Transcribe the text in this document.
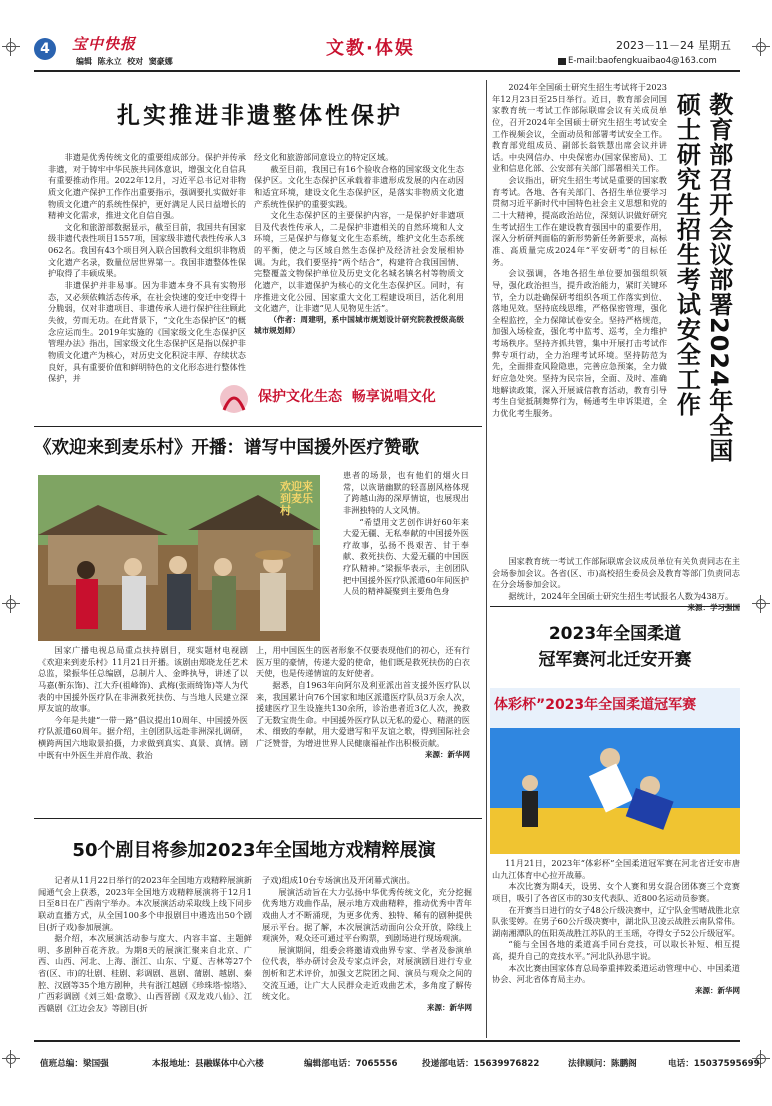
4	宝中快报
编辑  陈永立  校对  窦豪娜
文教·体娱	2023－11－24 星期五
E-mail:baofengkuaibao4@163.com
扎实推进非遗整体性保护

非遗是优秀传统文化的重要组成部分。保护并传承非遗，对于铸牢中华民族共同体意识，增强文化自信具有重要推动作用。2022年12月，习近平总书记对非物质文化遗产保护工作作出重要指示，强调要扎实做好非物质文化遗产的系统性保护，更好满足人民日益增长的精神文化需求，推进文化自信自强。

文化和旅游部数据显示，截至目前，我国共有国家级非遗代表性项目1557项，国家级非遗代表性传承人3062名。我国有43个项目列入联合国教科文组织非物质文化遗产名录，数量位居世界第一。我国非遗整体性保护取得了丰硕成果。

非遗保护并非易事。因为非遗本身不具有实物形态，又必须依赖活态传承，在社会快速的变迁中变得十分脆弱，仅对非遗项目、非遗传承人进行保护往往顾此失彼，劳而无功。在此背景下，“文化生态保护区”的概念应运而生。2019年实施的《国家级文化生态保护区管理办法》指出，国家级文化生态保护区是指以保护非物质文化遗产为核心，对历史文化积淀丰厚、存续状态良好，具有重要价值和鲜明特色的文化形态进行整体性保护，并

经文化和旅游部同意设立的特定区域。

截至目前，我国已有16个验收合格的国家级文化生态保护区。文化生态保护区承载着非遗形成发展的内在动因和适宜环境，建设文化生态保护区，是落实非物质文化遗产系统性保护的重要实践。

文化生态保护区的主要保护内容，一是保护好非遗项目及代表性传承人，二是保护非遗相关的自然环境和人文环境，三是保护与修复文化生态系统，维护文化生态系统的平衡，使之与区域自然生态保护及经济社会发展相协调。为此，我们要坚持“两个结合”，构建符合我国国情、完整覆盖文物保护单位及历史文化名城名镇名村等物质文化遗产，以非遗保护为核心的文化生态保护区。同时，有序推进文化公园、国家重大文化工程建设项目，活化利用文化遗产，让非遗“见人见物见生活”。

（作者：周建明，系中国城市规划设计研究院教授级高级城市规划师）

保护文化生态  畅享说唱文化
《欢迎来到麦乐村》开播：谱写中国援外医疗赞歌
欢迎来到麦乐村

患者的场景，也有他们的烟火日常，以诙谐幽默的轻喜剧风格体现了跨越山海的深厚情谊，也展现出非洲独特的人文风情。

“希望用文艺创作讲好60年来大爱无疆、无私奉献的中国援外医疗故事，弘扬不畏艰苦、甘于奉献、救死扶伤、大爱无疆的中国医疗队精神。”梁振华表示，主创团队把中国援外医疗队派遣60年间医护人员的精神凝聚到主要角色身

国家广播电视总局重点扶持剧目，现实题材电视剧《欢迎来到麦乐村》11月21日开播。该剧由郑晓龙任艺术总监，梁振华任总编剧，总制片人、金晔执导，讲述了以马嘉(靳东饰)、江大乔(祖峰饰)、武梅(张雨绮饰)等人为代表的中国援外医疗队在非洲救死扶伤、与当地人民建立深厚友谊的故事。

今年是共建“一带一路”倡议提出10周年、中国援外医疗队派遣60周年。据介绍，主创团队远赴非洲深扎调研，横跨两国六地取景拍摄，力求做到真实、真景、真情。剧中既有中外医生并肩作战、救治

上，用中国医生的医者形象不仅要表现他们的初心，还有行医万里的豪情，传递大爱的使命，他们既是救死扶伤的白衣天使，也是传递情谊的友好使者。

据悉，自1963年向阿尔及利亚派出首支援外医疗队以来，我国累计向76个国家和地区派遣医疗队员3万余人次，援建医疗卫生设施共130余所，诊治患者近3亿人次，挽救了无数宝贵生命。中国援外医疗队以无私的爱心、精湛的医术、细致的奉献，用大爱谱写和平友谊之歌，得到国际社会广泛赞誉，为增进世界人民健康福祉作出积极贡献。

来源：新华网

50个剧目将参加2023年全国地方戏精粹展演

记者从11月22日举行的2023年全国地方戏精粹展演新闻通气会上获悉，2023年全国地方戏精粹展演将于12月1日至8日在广西南宁举办。本次展演活动采取线上线下同步联动直播方式，从全国100多个申报剧目中遴选出50个剧目(折子戏)参加展演。

据介绍，本次展演活动参与度大、内容丰富、主题鲜明、多剧种百花齐放。为期8天的展演汇聚来自北京、广西、山西、河北、上海、浙江、山东、宁夏、吉林等27个省(区、市)的壮剧、桂剧、彩调剧、邕剧、蒲剧、越剧、秦腔、汉剧等35个地方剧种，共有浙江越剧《珍珠塔·惊塔》、广西彩调剧《刘三姐·盘歌》、山西晋剧《双龙戏八仙》、江西赣剧《江边会友》等剧目(折

子戏)组成10台专场演出及开闭幕式演出。

展演活动旨在大力弘扬中华优秀传统文化，充分挖掘优秀地方戏曲作品，展示地方戏曲精粹，推动优秀中青年戏曲人才不断涌现，为更多优秀、独特、稀有的剧种提供展示平台。据了解，本次展演活动面向公众开放，除线上观演外，观众还可通过平台购票，到剧场进行现场观演。

展演期间，组委会将邀请戏曲界专家、学者及参演单位代表，举办研讨会及专家点评会，对展演剧目进行专业剖析和艺术评价，加强文艺院团之间、演员与观众之间的交流互通，让广大人民群众走近戏曲艺术，多角度了解传统文化。

来源：新华网

2024年全国硕士研究生招生考试将于2023年12月23日至25日举行。近日，教育部会同国家教育统一考试工作部际联席会议有关成员单位，召开2024年全国硕士研究生招生考试安全工作视频会议，全面动员和部署考试安全工作。教育部党组成员、副部长翁铁慧出席会议并讲话。中央网信办、中央保密办(国家保密局)、工业和信息化部、公安部有关部门部署相关工作。

会议指出，研究生招生考试是重要的国家教育考试。各地、各有关部门、各招生单位要学习贯彻习近平新时代中国特色社会主义思想和党的二十大精神，提高政治站位，深刻认识做好研究生考试招生工作在建设教育强国中的重要作用，深入分析研判面临的新形势新任务新要求，高标准、高质量完成2024年“平安研考”的目标任务。

会议强调，各地各招生单位要加强组织领导，强化政治担当，提升政治能力，紧盯关键环节，全力以赴确保研考组织各项工作落实到位、落地见效。坚持底线思维，严格保密管理，强化全程监控，全力保障试卷安全。坚持严格规范，加强入场检查，强化考中监考、巡考，全力维护考场秩序。坚持齐抓共管，集中开展打击考试作弊专项行动，全力治理考试环境。坚持防范为先，全面排查风险隐患，完善应急预案，全力做好应急处突。坚持为民宗旨，全面、及时、准确地解读政策，深入开展诚信教育活动，教育引导考生自觉抵制舞弊行为，畅通考生申诉渠道，全力优化考生服务。	教育部召开会议部署2024年全国硕士研究生招生考试安全工作

国家教育统一考试工作部际联席会议成员单位有关负责同志在主会场参加会议。各省(区、市)高校招生委员会及教育等部门负责同志在分会场参加会议。

据统计，2024年全国硕士研究生招生考试报名人数为438万。

来源：学习强国

2023年全国柔道
冠军赛河北迁安开赛
体彩杯”2023年全国柔道冠军赛

11月21日，2023年“体彩杯”全国柔道冠军赛在河北省迁安市唐山九江体育中心拉开战幕。

本次比赛为期4天，设男、女个人赛和男女混合团体赛三个竞赛项目，吸引了各省区市的30支代表队、近800名运动员参赛。

在开赛当日进行的女子48公斤级决赛中，辽宁队金雪晴战胜北京队张雯婷。在男子60公斤级决赛中，湖北队卫凌云战胜云南队常伟。湖南湘潭队的伍阳英战胜江苏队的王玉瑶，夺得女子52公斤级冠军。

“能与全国各地的柔道高手同台竞技，可以取长补短、相互提高，提升自己的竞技水平。”河北队孙思宇说。

本次比赛由国家体育总局拳重摔跤柔道运动管理中心、中国柔道协会、河北省体育局主办。

来源：新华网

值班总编：梁国强	本报地址：县融媒体中心六楼	编辑部电话：7065556	投递部电话：15639976822	法律顾问：陈鹏阁	电话：15037595699
